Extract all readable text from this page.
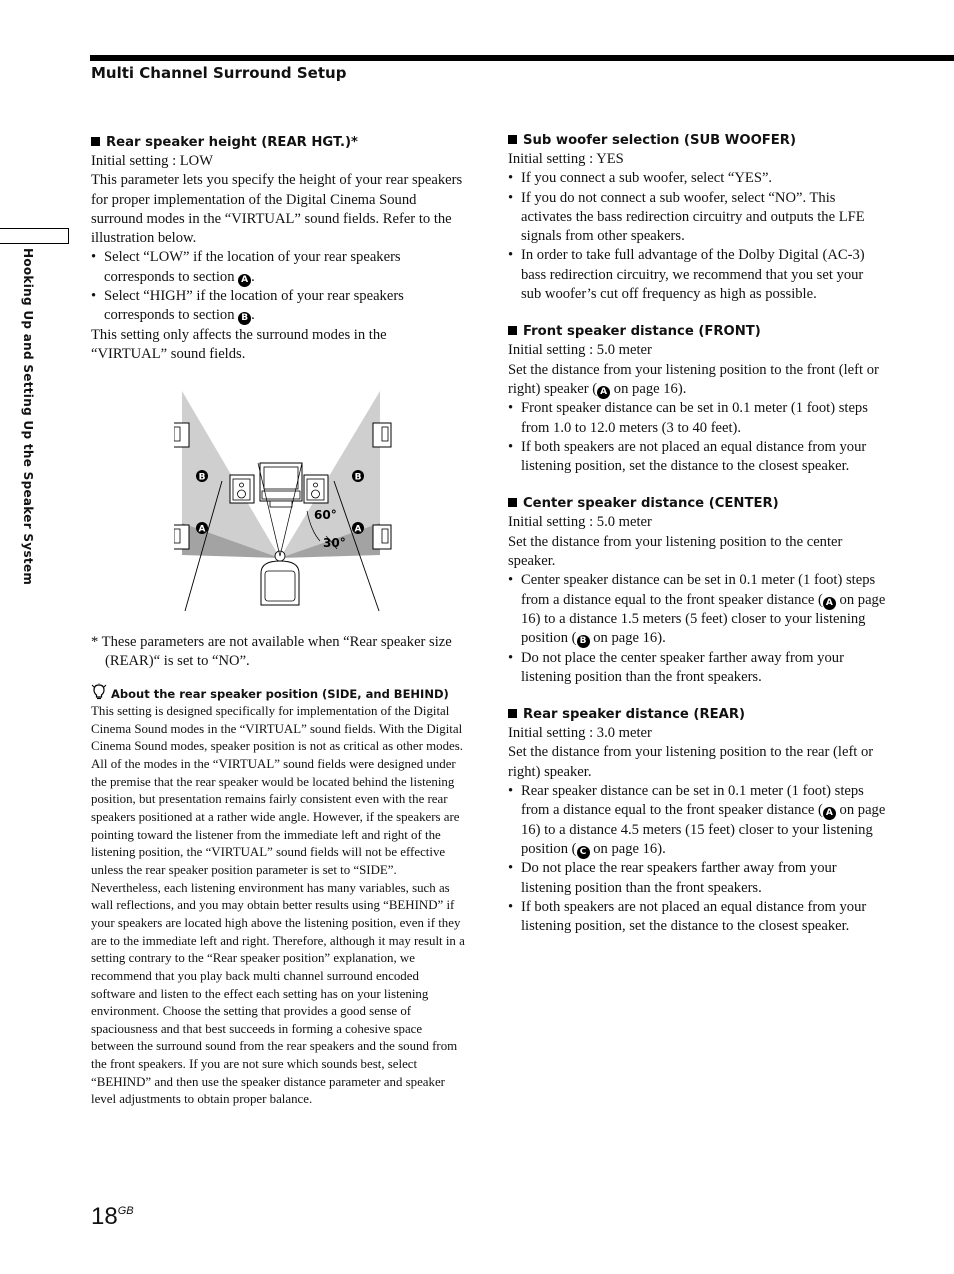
Multi Channel Surround Setup
Hooking Up and Setting Up the Speaker System

Rear speaker height (REAR HGT.)*

Initial setting : LOW

This parameter lets you specify the height of your rear speakers for proper implementation of the Digital Cinema Sound surround modes in the “VIRTUAL” sound fields. Refer to the illustration below.

• Select “LOW” if the location of your rear speakers corresponds to section A .

• Select “HIGH” if the location of your rear speakers corresponds to section B .

This setting only affects the surround modes in the “VIRTUAL” sound fields.

B	B
A	A
60°
30°

* These parameters are not available when “Rear speaker size (REAR)“ is set to “NO”.

About the rear speaker position (SIDE, and BEHIND)

This setting is designed specifically for implementation of the Digital Cinema Sound modes in the “VIRTUAL” sound fields. With the Digital Cinema Sound modes, speaker position is not as critical as other modes. All of the modes in the “VIRTUAL” sound fields were designed under the premise that the rear speaker would be located behind the listening position, but presentation remains fairly consistent even with the rear speakers positioned at a rather wide angle. However, if the speakers are pointing toward the listener from the immediate left and right of the listening position, the “VIRTUAL” sound fields will not be effective unless the rear speaker position parameter is set to “SIDE”.

Nevertheless, each listening environment has many variables, such as wall reflections, and you may obtain better results using “BEHIND” if your speakers are located high above the listening position, even if they are to the immediate left and right. Therefore, although it may result in a setting contrary to the “Rear speaker position” explanation, we recommend that you play back multi channel surround encoded software and listen to the effect each setting has on your listening environment. Choose the setting that provides a good sense of spaciousness and that best succeeds in forming a cohesive space between the surround sound from the rear speakers and the sound from the front speakers. If you are not sure which sounds best, select “BEHIND” and then use the speaker distance parameter and speaker level adjustments to obtain proper balance.

Sub woofer selection (SUB WOOFER)

Initial setting : YES

• If you connect a sub woofer, select “YES”.

• If you do not connect a sub woofer, select “NO”. This activates the bass redirection circuitry and outputs the LFE signals from other speakers.

• In order to take full advantage of the Dolby Digital (AC-3) bass redirection circuitry, we recommend that you set your sub woofer’s cut off frequency as high as possible.

Front speaker distance (FRONT)

Initial setting : 5.0 meter

Set the distance from your listening position to the front (left or right) speaker ( A on page 16).

• Front speaker distance can be set in 0.1 meter (1 foot) steps from 1.0 to 12.0 meters (3 to 40 feet).

• If both speakers are not placed an equal distance from your listening position, set the distance to the closest speaker.

Center speaker distance (CENTER)

Initial setting : 5.0 meter

Set the distance from your listening position to the center speaker.

• Center speaker distance can be set in 0.1 meter (1 foot) steps from a distance equal to the front speaker distance ( A on page 16) to a distance 1.5 meters (5 feet) closer to your listening position ( B on page 16).

• Do not place the center speaker farther away from your listening position than the front speakers.

Rear speaker distance (REAR)

Initial setting : 3.0 meter

Set the distance from your listening position to the rear (left or right) speaker.

• Rear speaker distance can be set in 0.1 meter (1 foot) steps from a distance equal to the front speaker distance ( A on page 16) to a distance 4.5 meters (15 feet) closer to your listening position ( C on page 16).

• Do not place the rear speakers farther away from your listening position than the front speakers.

• If both speakers are not placed an equal distance from your listening position, set the distance to the closest speaker.

$18^{GB}$
